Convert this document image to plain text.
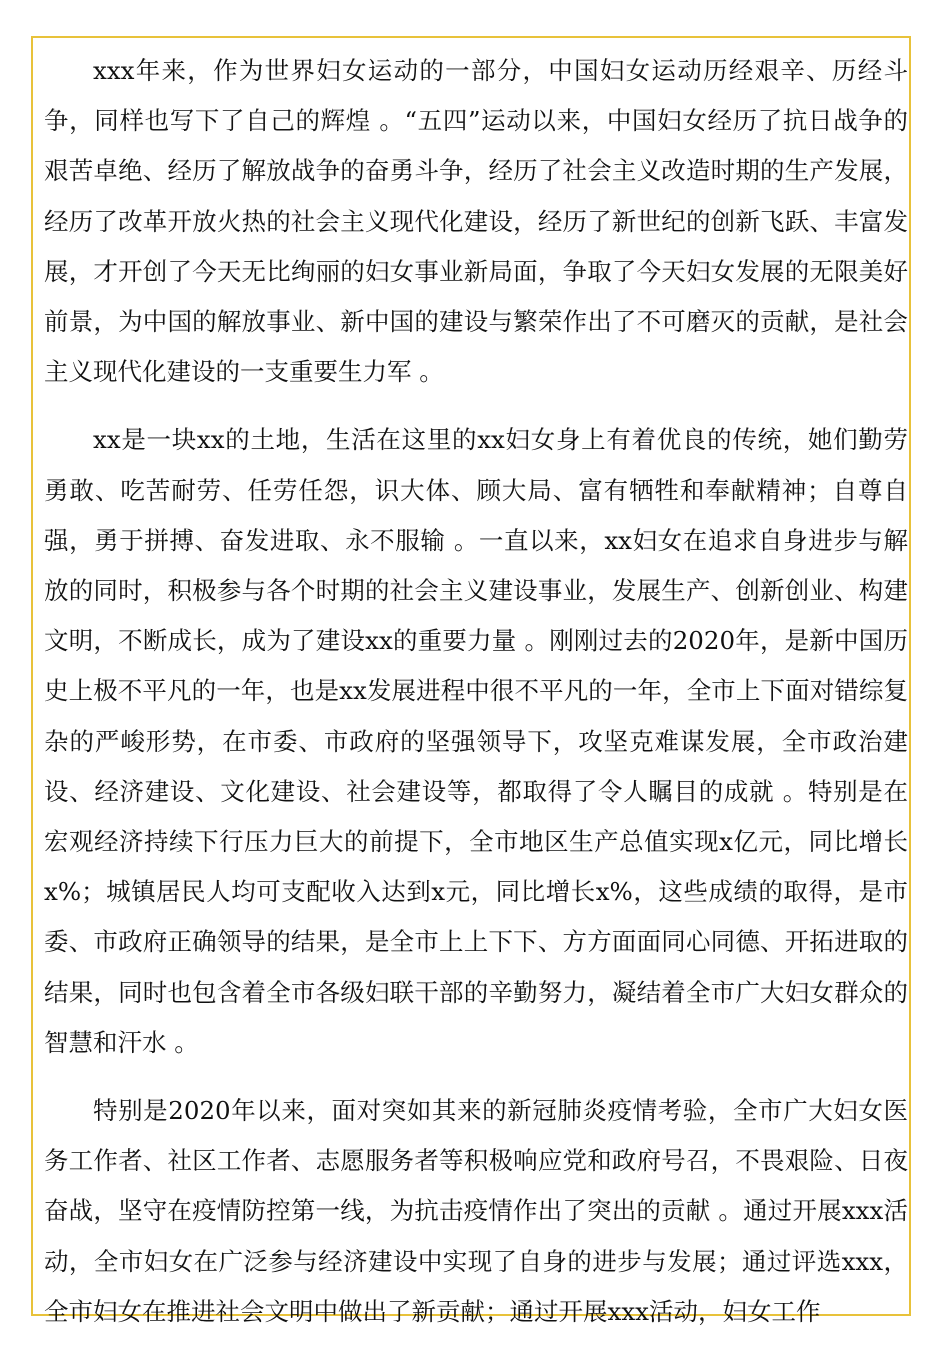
xxx年来，作为世界妇女运动的一部分，中国妇女运动历经艰辛、历经斗争，同样也写下了自己的辉煌 。“五四”运动以来，中国妇女经历了抗日战争的艰苦卓绝、经历了解放战争的奋勇斗争，经历了社会主义改造时期的生产发展，经历了改革开放火热的社会主义现代化建设，经历了新世纪的创新飞跃、丰富发展，才开创了今天无比绚丽的妇女事业新局面，争取了今天妇女发展的无限美好前景，为中国的解放事业、新中国的建设与繁荣作出了不可磨灭的贡献，是社会主义现代化建设的一支重要生力军 。

xx是一块xx的土地，生活在这里的xx妇女身上有着优良的传统，她们勤劳勇敢、吃苦耐劳、任劳任怨，识大体、顾大局、富有牺牲和奉献精神；自尊自强，勇于拼搏、奋发进取、永不服输 。一直以来，xx妇女在追求自身进步与解放的同时，积极参与各个时期的社会主义建设事业，发展生产、创新创业、构建文明，不断成长，成为了建设xx的重要力量 。刚刚过去的2020年，是新中国历史上极不平凡的一年，也是xx发展进程中很不平凡的一年，全市上下面对错综复杂的严峻形势，在市委、市政府的坚强领导下，攻坚克难谋发展，全市政治建设、经济建设、文化建设、社会建设等，都取得了令人瞩目的成就 。特别是在宏观经济持续下行压力巨大的前提下，全市地区生产总值实现x亿元，同比增长x%；城镇居民人均可支配收入达到x元，同比增长x%，这些成绩的取得，是市委、市政府正确领导的结果，是全市上上下下、方方面面同心同德、开拓进取的结果，同时也包含着全市各级妇联干部的辛勤努力，凝结着全市广大妇女群众的智慧和汗水 。

特别是2020年以来，面对突如其来的新冠肺炎疫情考验，全市广大妇女医务工作者、社区工作者、志愿服务者等积极响应党和政府号召，不畏艰险、日夜奋战，坚守在疫情防控第一线，为抗击疫情作出了突出的贡献 。通过开展xxx活动，全市妇女在广泛参与经济建设中实现了自身的进步与发展；通过评选xxx，全市妇女在推进社会文明中做出了新贡献；通过开展xxx活动，妇女工作
